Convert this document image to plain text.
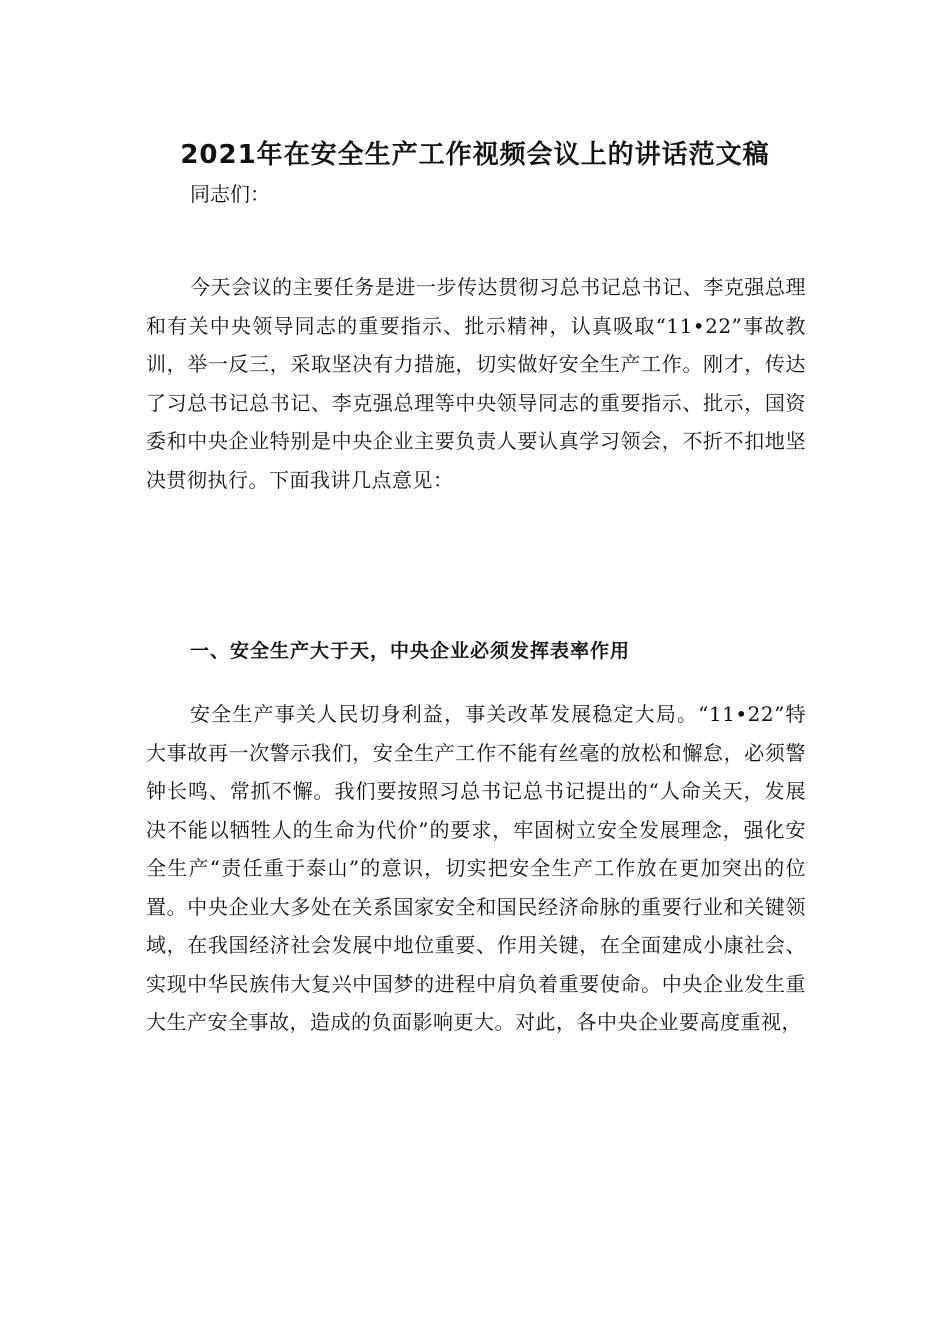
2021年在安全生产工作视频会议上的讲话范文稿

同志们：

今天会议的主要任务是进一步传达贯彻习总书记总书记、李克强总理和有关中央领导同志的重要指示、批示精神，认真吸取“11•22”事故教训，举一反三，采取坚决有力措施，切实做好安全生产工作。刚才，传达了习总书记总书记、李克强总理等中央领导同志的重要指示、批示，国资委和中央企业特别是中央企业主要负责人要认真学习领会，不折不扣地坚决贯彻执行。下面我讲几点意见：

一、安全生产大于天，中央企业必须发挥表率作用

安全生产事关人民切身利益，事关改革发展稳定大局。“11•22”特大事故再一次警示我们，安全生产工作不能有丝毫的放松和懈怠，必须警钟长鸣、常抓不懈。我们要按照习总书记总书记提出的“人命关天，发展决不能以牺牲人的生命为代价”的要求，牢固树立安全发展理念，强化安全生产“责任重于泰山”的意识，切实把安全生产工作放在更加突出的位置。中央企业大多处在关系国家安全和国民经济命脉的重要行业和关键领域，在我国经济社会发展中地位重要、作用关键，在全面建成小康社会、实现中华民族伟大复兴中国梦的进程中肩负着重要使命。中央企业发生重大生产安全事故，造成的负面影响更大。对此，各中央企业要高度重视，
